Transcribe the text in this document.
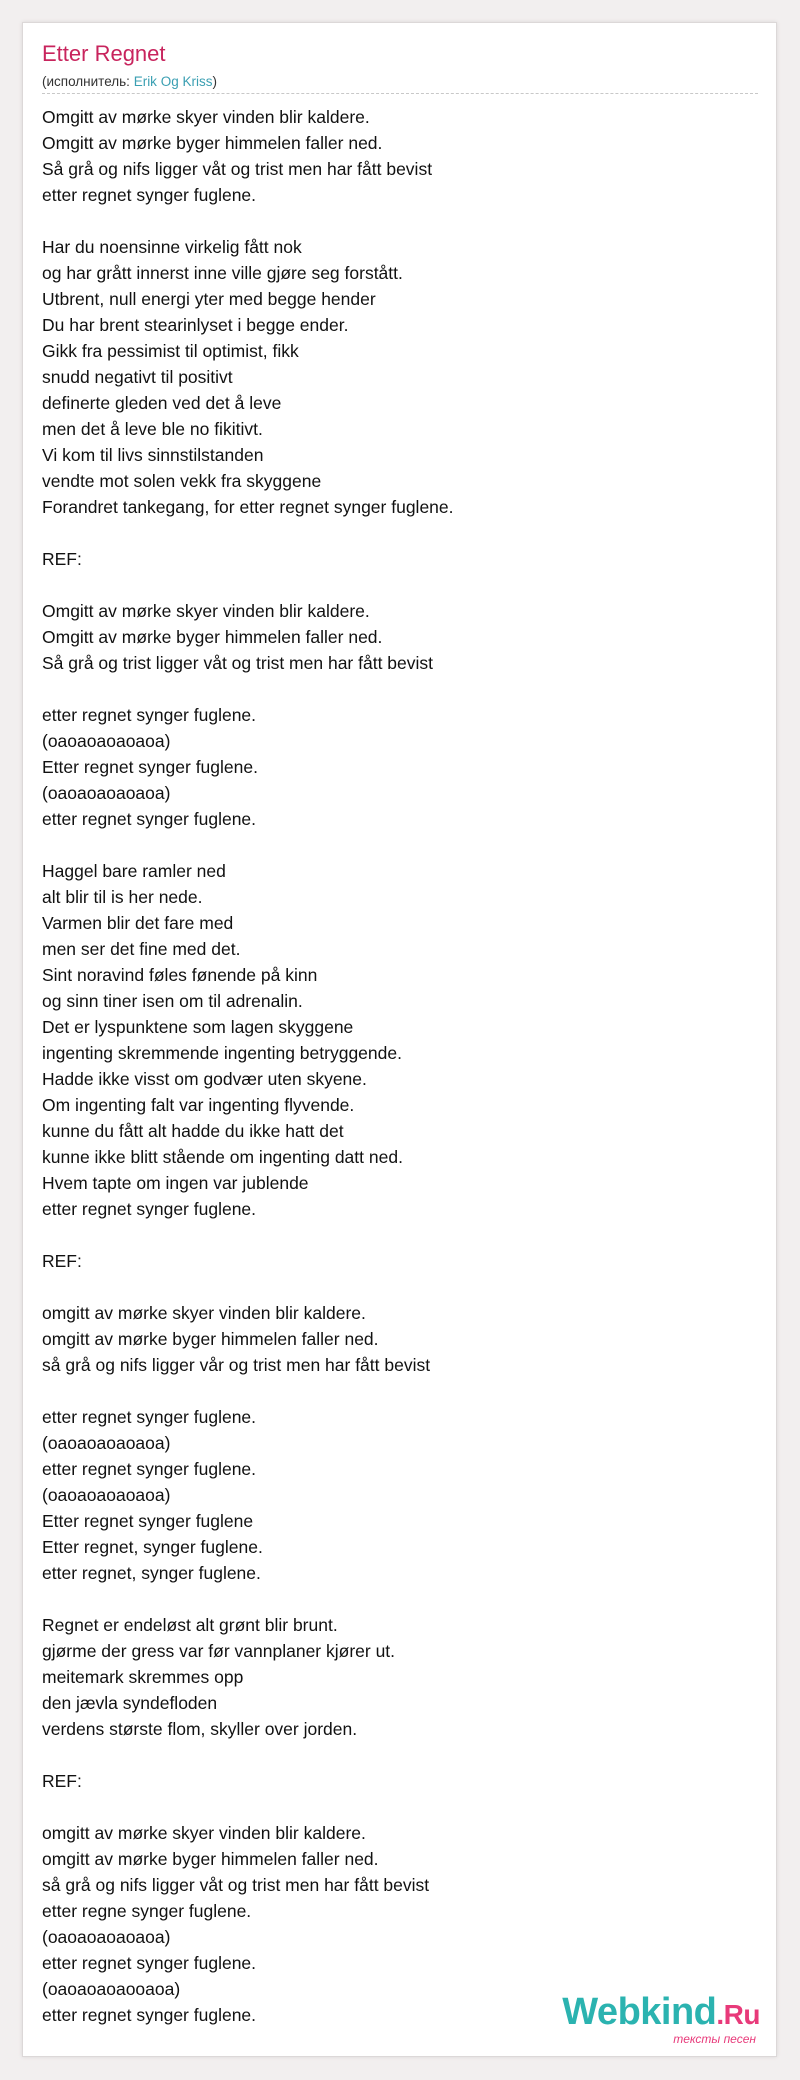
Etter Regnet
(исполнитель: Erik Og Kriss)
Omgitt av mørke skyer vinden blir kaldere.
Omgitt av mørke byger himmelen faller ned.
Så grå og nifs ligger våt og trist men har fått bevist
etter regnet synger fuglene.
Har du noensinne virkelig fått nok
og har grått innerst inne ville gjøre seg forstått.
Utbrent, null energi yter med begge hender
Du har brent stearinlyset i begge ender.
Gikk fra pessimist til optimist, fikk
snudd negativt til positivt
definerte gleden ved det å leve
men det å leve ble no fikitivt.
Vi kom til livs sinnstilstanden
vendte mot solen vekk fra skyggene
Forandret tankegang, for etter regnet synger fuglene.
REF:
Omgitt av mørke skyer vinden blir kaldere.
Omgitt av mørke byger himmelen faller ned.
Så grå og trist ligger våt og trist men har fått bevist
etter regnet synger fuglene.
(oaoaoaoaoaoa)
Etter regnet synger fuglene.
(oaoaoaoaoaoa)
etter regnet synger fuglene.
Haggel bare ramler ned
alt blir til is her nede.
Varmen blir det fare med
men ser det fine med det.
Sint noravind føles fønende på kinn
og sinn tiner isen om til adrenalin.
Det er lyspunktene som lagen skyggene
ingenting skremmende ingenting betryggende.
Hadde ikke visst om godvær uten skyene.
Om ingenting falt var ingenting flyvende.
kunne du fått alt hadde du ikke hatt det
kunne ikke blitt stående om ingenting datt ned.
Hvem tapte om ingen var jublende
etter regnet synger fuglene.
REF:
omgitt av mørke skyer vinden blir kaldere.
omgitt av mørke byger himmelen faller ned.
så grå og nifs ligger vår og trist men har fått bevist
etter regnet synger fuglene.
(oaoaoaoaoaoa)
etter regnet synger fuglene.
(oaoaoaoaoaoa)
Etter regnet synger fuglene
Etter regnet, synger fuglene.
etter regnet, synger fuglene.
Regnet er endeløst alt grønt blir brunt.
gjørme der gress var før vannplaner kjører ut.
meitemark skremmes opp
den jævla syndefloden
verdens største flom, skyller over jorden.
REF:
omgitt av mørke skyer vinden blir kaldere.
omgitt av mørke byger himmelen faller ned.
så grå og nifs ligger våt og trist men har fått bevist
etter regne synger fuglene.
(oaoaoaoaoaoa)
etter regnet synger fuglene.
(oaoaoaoaooaoa)
etter regnet synger fuglene.	Webkind.Ru
тексты песен
